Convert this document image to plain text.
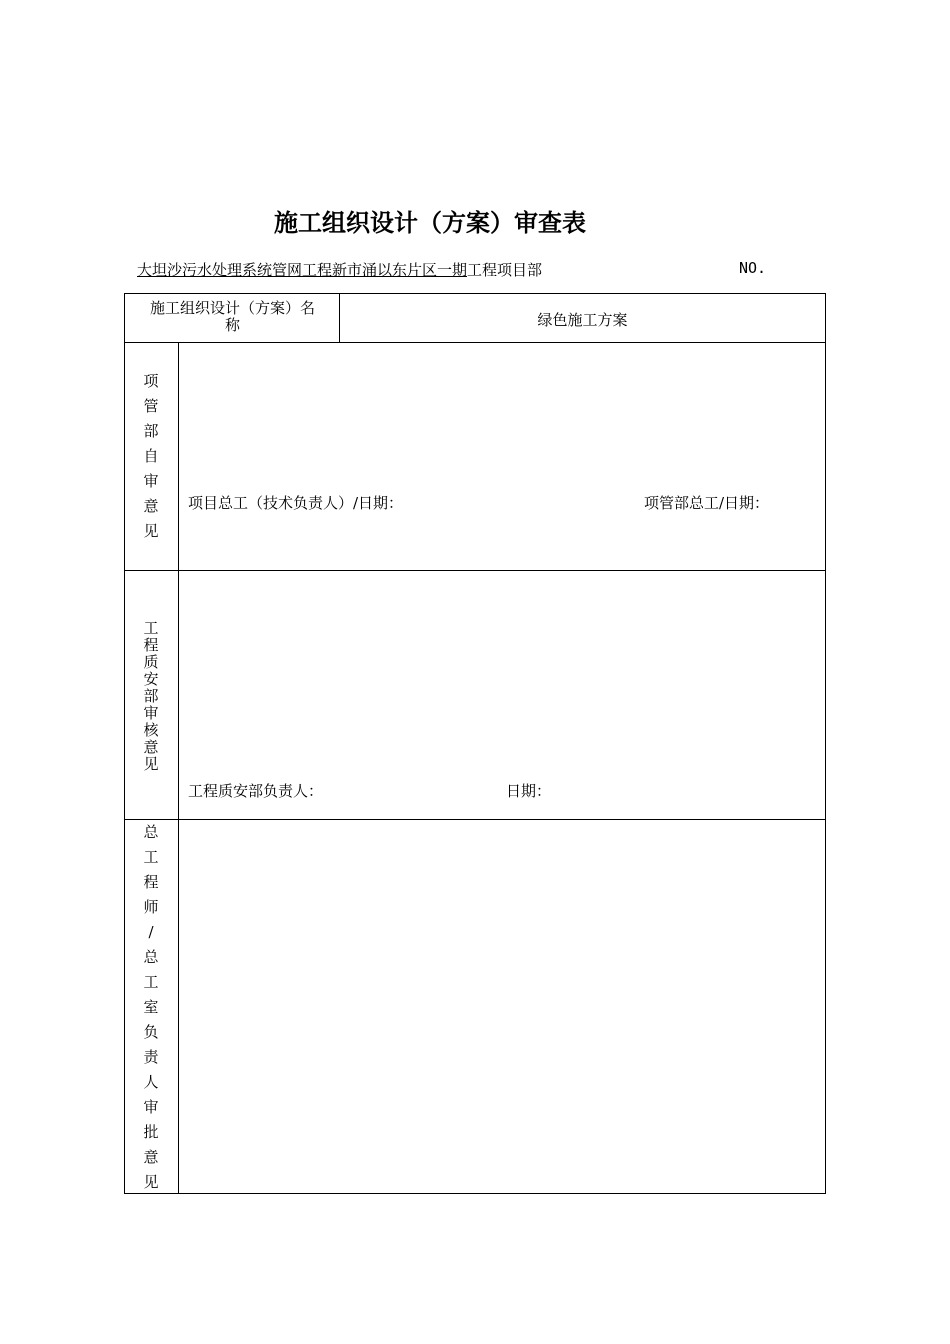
施工组织设计（方案）审查表
大坦沙污水处理系统管网工程新市涌以东片区一期工程项目部	NO.
施工组织设计（方案）名
称	绿色施工方案
项
管
部
自
审
意
见
项目总工（技术负责人）/日期：	项管部总工/日期：
工
程
质
安
部
审
核
意
见
工程质安部负责人：	日期：
总
工
程
师
/
总
工
室
负
责
人
审
批
意
见
